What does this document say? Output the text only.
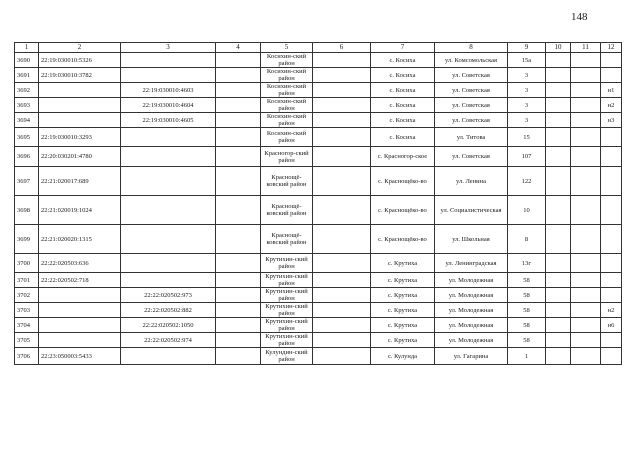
148
1	2	3	4	5	6	7	8	9	10	11	12
3690	22:19:030010:5326			Косихин-ский район		с. Косиха	ул. Комсомольская	15а			
3691	22:19:030010:3782			Косихин-ский район		с. Косиха	ул. Советская	3			
3692		22:19:030010:4603		Косихин-ский район		с. Косиха	ул. Советская	3			н1
3693		22:19:030010:4604		Косихин-ский район		с. Косиха	ул. Советская	3			н2
3694		22:19:030010:4605		Косихин-ский район		с. Косиха	ул. Советская	3			н3
3695	22:19:030010:3293			Косихин-ский район		с. Косиха	ул. Титова	15			
3696	22:20:030201:4780			Красногор-ский район		с. Красногор-ское	ул. Советская	107			
3697	22:21:020017:689			Краснощё-ковский район		с. Краснощёко-во	ул. Ленина	122			
3698	22:21:020019:1024			Краснощё-ковский район		с. Краснощёко-во	ул. Социалистическая	10			
3699	22:21:020020:1315			Краснощё-ковский район		с. Краснощёко-во	ул. Школьная	8			
3700	22:22:020503:636			Крутихин-ский район		с. Крутиха	ул. Ленинградская	13г			
3701	22:22:020502:718			Крутихин-ский район		с. Крутиха	ул. Молодежная	58			
3702		22:22:020502:973		Крутихин-ский район		с. Крутиха	ул. Молодежная	58			
3703		22:22:020502:882		Крутихин-ский район		с. Крутиха	ул. Молодежная	58			н2
3704		22:22:020502:1050		Крутихин-ский район		с. Крутиха	ул. Молодежная	58			н6
3705		22:22:020502:974		Крутихин-ский район		с. Крутиха	ул. Молодежная	58			
3706	22:23:050003:5433			Кулундин-ский район		с. Кулунда	ул. Гагарина	1			
